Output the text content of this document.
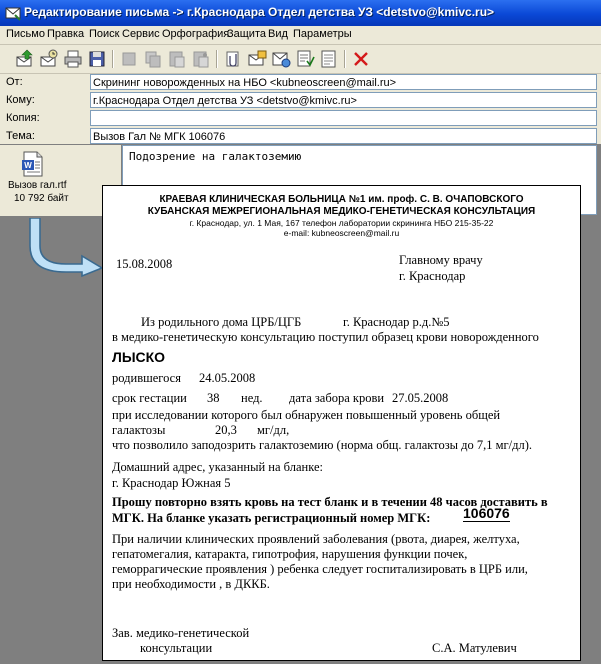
Редактирование письма -> г.Краснодара Отдел детства УЗ <detstvo@kmivc.ru>
Письмо Правка Поиск Сервис Орфография
Защита Вид Параметры
От:	Скрининг новорожденных на НБО <kubneoscreen@mail.ru>
Кому:	г.Краснодара Отдел детства УЗ <detstvo@kmivc.ru>
Копия:
Тема:	Вызов Гал № МГК 106076
W
Вызов гал.rtf
10 792 байт
Подозрение на галактоземию
КРАЕВАЯ КЛИНИЧЕСКАЯ БОЛЬНИЦА №1 им. проф. С. В. ОЧАПОВСКОГО
КУБАНСКАЯ МЕЖРЕГИОНАЛЬНАЯ МЕДИКО-ГЕНЕТИЧЕСКАЯ КОНСУЛЬТАЦИЯ
г. Краснодар, ул. 1 Мая, 167 телефон лаборатории скрининга НБО 215-35-22
e-mail: kubneoscreen@mail.ru
15.08.2008	Главному врачу
г. Краснодар
Из родильного дома ЦРБ/ЦГБ	г. Краснодар р.д.№5
в медико-генетическую консультацию поступил образец крови новорожденного
ЛЫСКО
родившегося 24.05.2008
срок гестации 38 нед. дата забора крови 27.05.2008
при исследовании которого был обнаружен повышенный уровень общей
галактозы	20,3 мг/дл,
что позволило заподозрить галактоземию (норма общ. галактозы до 7,1 мг/дл).
Домашний адрес, указанный на бланке:
г. Краснодар Южная 5
Прошу повторно взять кровь на тест бланк и в течении 48 часов доставить в
МГК. На бланке указать регистрационный номер МГК: 106076
При наличии клинических проявлений заболевания (рвота, диарея, желтуха,
гепатомегалия, катаракта, гипотрофия, нарушения функции почек,
геморрагические проявления ) ребенка следует госпитализировать в ЦРБ или,
при необходимости , в ДККБ.
Зав. медико-генетической
консультации	С.А. Матулевич
